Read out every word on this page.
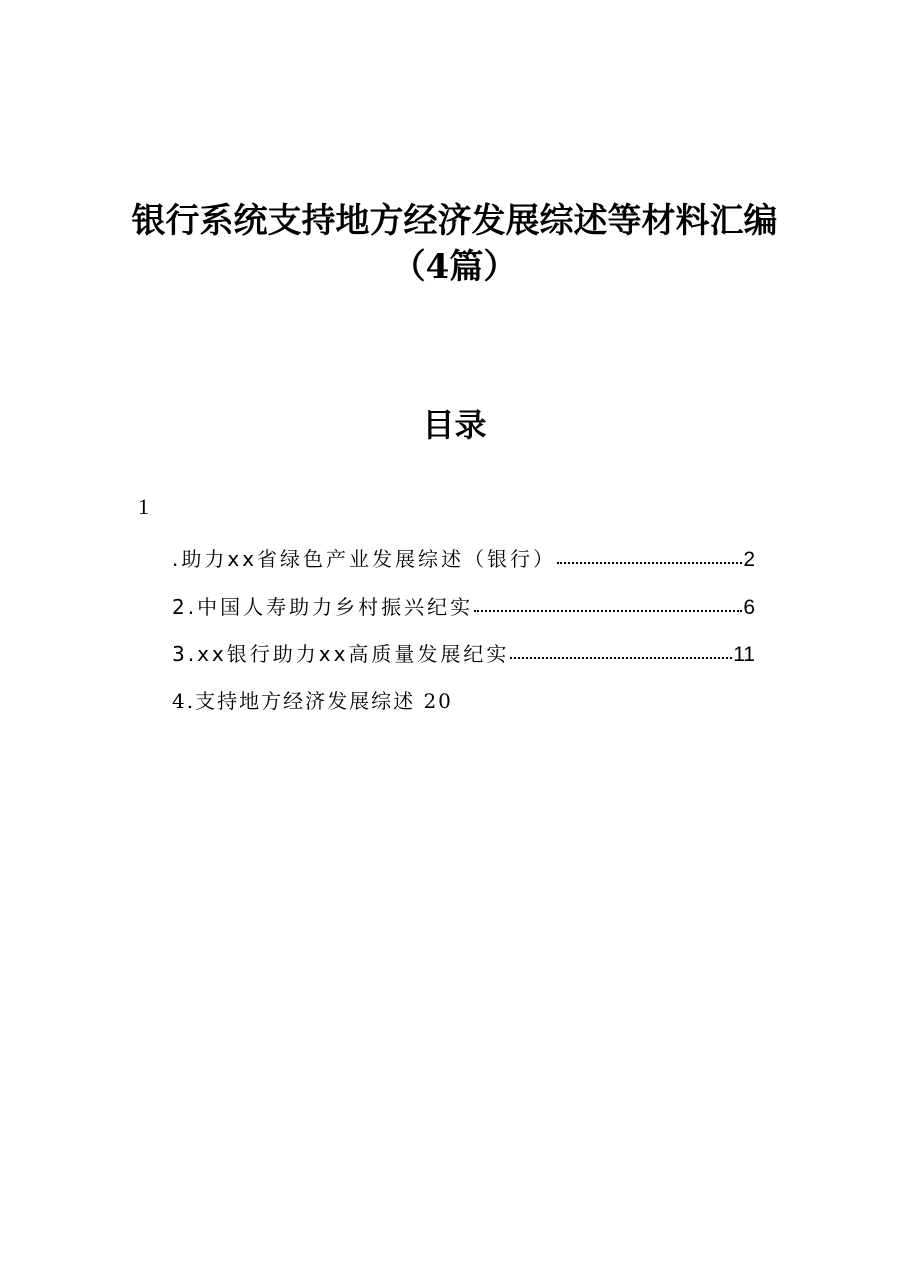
银行系统支持地方经济发展综述等材料汇编
（4篇）
目录
1
.助力xx省绿色产业发展综述（银行）	2
2.中国人寿助力乡村振兴纪实	6
3.xx银行助力xx高质量发展纪实	11
4.支持地方经济发展综述 20
